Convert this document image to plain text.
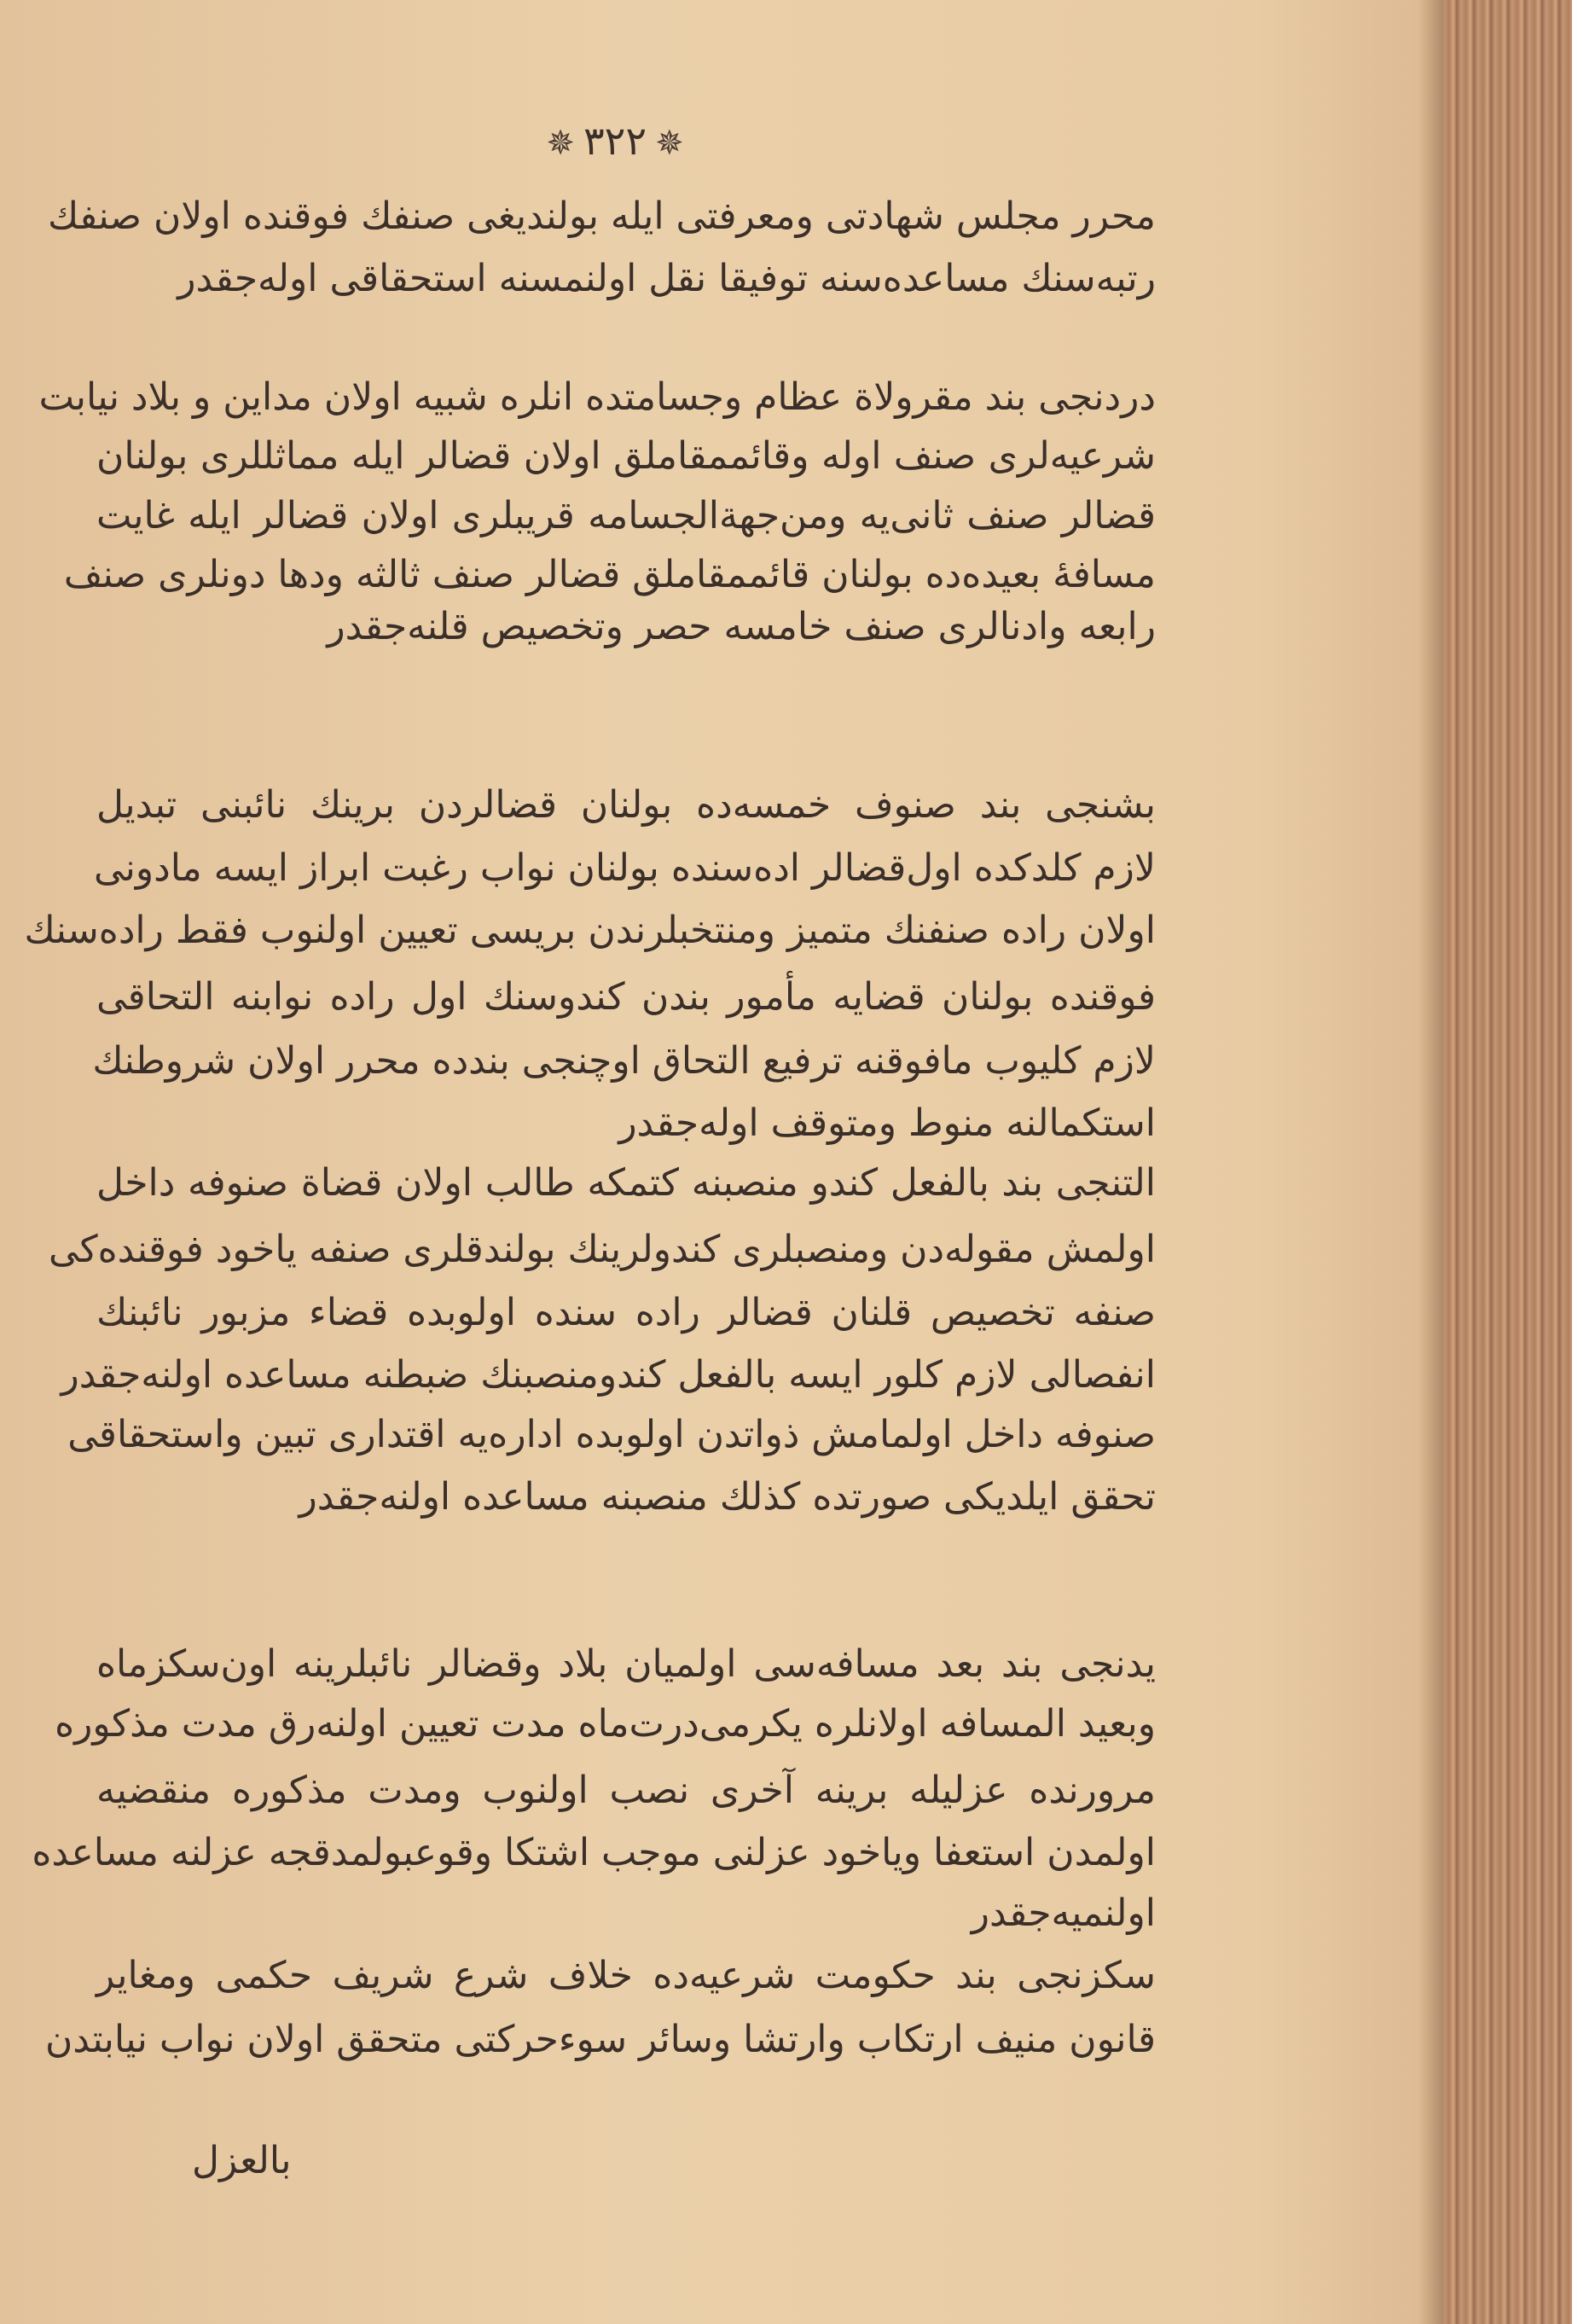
✵٣٢٢✵
محرر مجلس شهادتی ومعرفتی ایله بولندیغی صنفك فوقنده اولان صنفك
رتبه‌سنك مساعده‌سنه توفیقا نقل اولنمسنه استحقاقی اوله‌جقدر
دردنجی بند مقرولاة عظام وجسامتده انلره شبیه اولان مداین و بلاد نیابت
شرعیه‌لری صنف اوله وقائممقاملق اولان قضالر ایله مماثللری بولنان
قضالر صنف ثانی‌یه ومن‌جهة‌الجسامه قریبلری اولان قضالر ایله غایت
مسافهٔ بعیده‌ده بولنان قائممقاملق قضالر صنف ثالثه ودها دونلری صنف
رابعه وادنالری صنف خامسه حصر وتخصیص قلنه‌جقدر
بشنجی بند صنوف خمسه‌ده بولنان قضالردن برینك نائبنی تبدیل
لازم کلدکده اول‌قضالر ادەسنده بولنان نواب رغبت ابراز ایسه مادونی
اولان راده صنفنك متمیز ومنتخبلرندن بریسی تعیین اولنوب فقط راده‌سنك
فوقنده بولنان قضایه مأمور بندن کندوسنك اول راده نوابنه التحاقی
لازم کلیوب مافوقنه ترفیع التحاق اوچنجی بندده محرر اولان شروطنك
استکمالنه منوط ومتوقف اوله‌جقدر
التنجی بند بالفعل کندو منصبنه کتمکه طالب اولان قضاة صنوفه داخل
اولمش مقوله‌دن ومنصبلری کندولرینك بولندقلری صنفه یاخود فوقنده‌کی
صنفه تخصیص قلنان قضالر راده سنده اولوبده قضاء مزبور نائبنك
انفصالی لازم کلور ایسه بالفعل کندومنصبنك ضبطنه مساعده اولنه‌جقدر
صنوفه داخل اولمامش ذواتدن اولوبده اداره‌یه اقتداری تبین واستحقاقی
تحقق ایلدیکی صورتده کذلك منصبنه مساعده اولنه‌جقدر
یدنجی بند بعد مسافه‌سی اولمیان بلاد وقضالر نائبلرینه اون‌سکزماه
وبعید المسافه اولانلره یکرمی‌درت‌ماه مدت تعیین اولنه‌رق مدت مذکوره
مرورنده عزلیله برینه آخری نصب اولنوب ومدت مذکوره منقضیه
اولمدن استعفا ویاخود عزلنی موجب اشتکا وقوعبولمدقجه عزلنه مساعده
اولنمیه‌جقدر
سکزنجی بند حکومت شرعیه‌ده خلاف شرع شریف حکمی ومغایر
قانون منیف ارتکاب وارتشا وسائر سوءحرکتی متحقق اولان نواب نیابتدن
بالعزل
